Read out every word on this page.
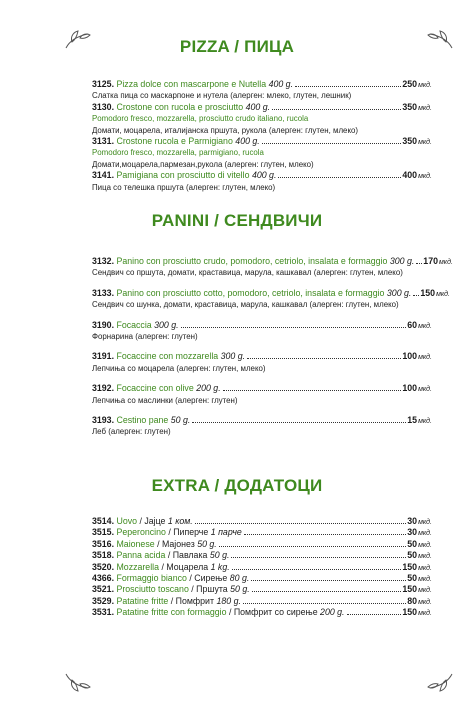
PIZZA / ПИЦА
3125.
Pizza dolce con mascarpone e Nutella
400 g.	250 мкд.
Слатка пица со маскарпоне и нутела (алерген: млеко, глутен, лешник)
3130.
Crostone con rucola e prosciutto
400 g.	350 мкд.
Pomodoro fresco, mozzarella, prosciutto crudo italiano, rucola
Домати, моцарела, италијанска пршута, рукола (алерген: глутен, млеко)
3131.
Crostone rucola e Parmigiano
400 g.	350 мкд.
Pomodoro fresco, mozzarella, parmigiano, rucola
Домати,моцарела,пармезан,рукола (алерген: глутен, млеко)
3141.
Pamigiana con prosciutto di vitello
400 g.	400 мкд.
Пица со телешка пршута (алерген: глутен, млеко)
PANINI / СЕНДВИЧИ
3132.
Panino con prosciutto crudo, pomodoro, cetriolo, insalata e formaggio
300 g. 170 мкд.
Сендвич со пршута, домати, краставица, марула, кашкавал (алерген: глутен, млеко)
3133.
Panino con prosciutto cotto, pomodoro, cetriolo, insalata e formaggio
300 g. 150 мкд.
Сендвич со шунка, домати, краставица, марула, кашкавал (алерген: глутен, млеко)
3190.
Focaccia
300 g.	60 мкд.
Форнарина (алерген: глутен)
3191.
Focaccine con mozzarella
300 g.	100 мкд.
Лепчиња со моцарела (алерген: глутен, млеко)
3192.
Focaccine con olive
200 g.	100 мкд.
Лепчиња со маслинки (алерген: глутен)
3193.
Cestino pane
50 g.	15 мкд.
Леб (алерген: глутен)
EXTRA / ДОДАТОЦИ
3514.
Uovo
/ Јајце
1 ком.	30 мкд.
3515.
Peperoncino
/ Пиперче
1 парче	30 мкд.
3516.
Maionese
/ Мајонез
50 g.	50 мкд.
3518.
Panna acida
/ Павлака
50 g.	50 мкд.
3520.
Mozzarella
/ Моцарела
1 kg.	150 мкд.
4366.
Formaggio bianco
/ Сирење
80 g.	50 мкд.
3521.
Prosciutto toscano
/ Пршута
50 g.	150 мкд.
3529.
Patatine fritte
/ Помфрит
180 g.	80 мкд.
3531.
Patatine fritte con formaggio
/ Помфрит со сирење
200 g.	150 мкд.
